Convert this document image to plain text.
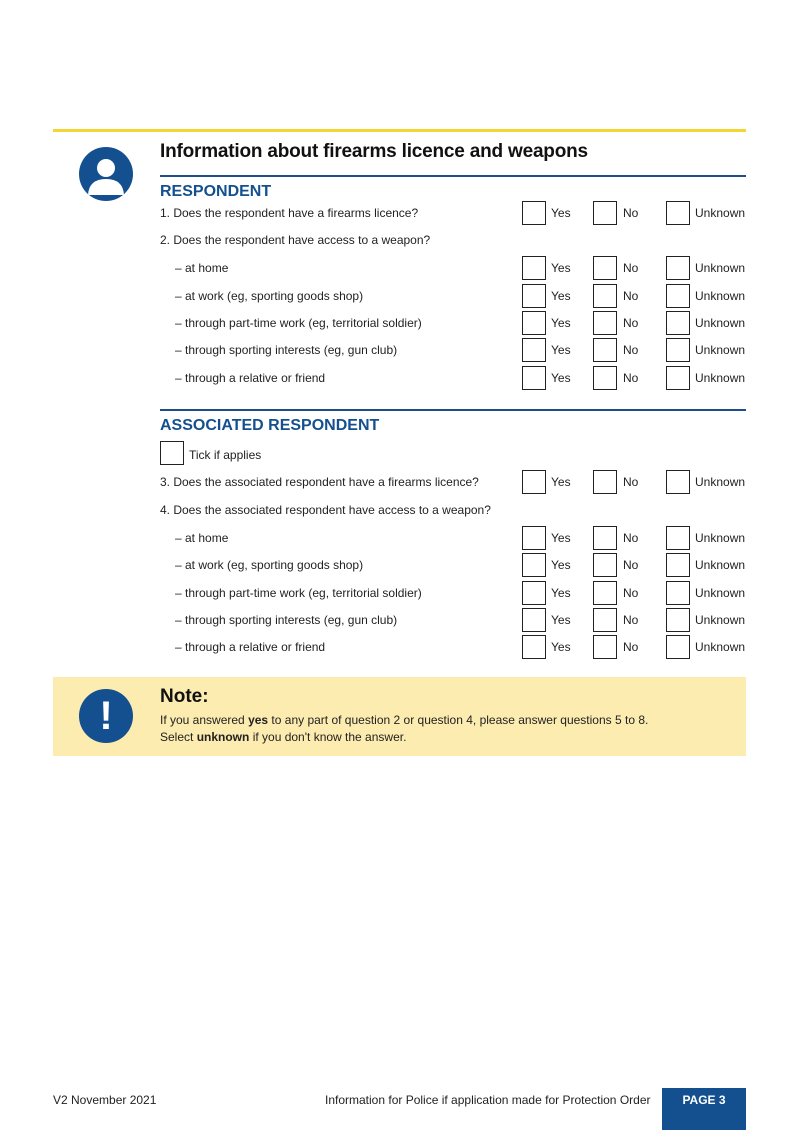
Information about firearms licence and weapons
RESPONDENT
1. Does the respondent have a firearms licence?	Yes	No	Unknown
2. Does the respondent have access to a weapon?
– at home	Yes	No	Unknown
– at work (eg, sporting goods shop)	Yes	No	Unknown
– through part-time work (eg, territorial soldier)	Yes	No	Unknown
– through sporting interests (eg, gun club)	Yes	No	Unknown
– through a relative or friend	Yes	No	Unknown
ASSOCIATED RESPONDENT
Tick if applies
3. Does the associated respondent have a firearms licence?	Yes	No	Unknown
4. Does the associated respondent have access to a weapon?
– at home	Yes	No	Unknown
– at work (eg, sporting goods shop)	Yes	No	Unknown
– through part-time work (eg, territorial soldier)	Yes	No	Unknown
– through sporting interests (eg, gun club)	Yes	No	Unknown
– through a relative or friend	Yes	No	Unknown
!	Note:
If you answered yes to any part of question 2 or question 4, please answer questions 5 to 8.
Select unknown if you don't know the answer.
V2 November 2021	Information for Police if application made for Protection Order	PAGE 3
